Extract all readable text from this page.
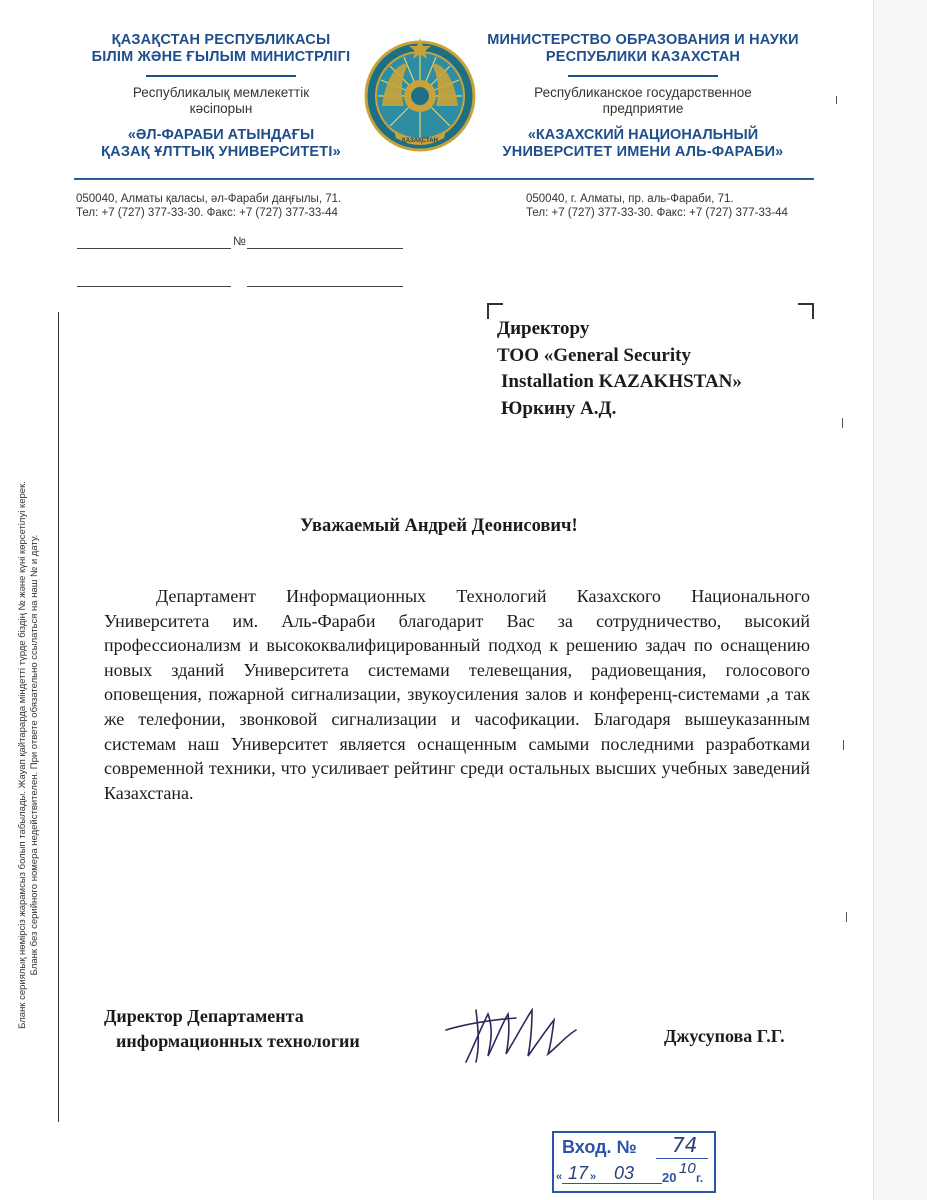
ҚАЗАҚСТАН РЕСПУБЛИКАСЫ
БІЛІМ ЖӘНЕ ҒЫЛЫМ МИНИСТРЛІГІ
Республикалық мемлекеттік
кәсіпорын
«ӘЛ-ФАРАБИ АТЫНДАҒЫ
ҚАЗАҚ ҰЛТТЫҚ УНИВЕРСИТЕТІ»
ҚАЗАҚСТАН
МИНИСТЕРСТВО ОБРАЗОВАНИЯ И НАУКИ
РЕСПУБЛИКИ КАЗАХСТАН
Республиканское государственное
предприятие
«КАЗАХСКИЙ НАЦИОНАЛЬНЫЙ
УНИВЕРСИТЕТ ИМЕНИ АЛЬ-ФАРАБИ»
050040, Алматы қаласы, әл-Фараби даңғылы, 71.
Тел: +7 (727) 377-33-30. Факс: +7 (727) 377-33-44
050040, г. Алматы, пр. аль-Фараби, 71.
Тел: +7 (727) 377-33-30. Факс: +7 (727) 377-33-44
№
Директору
ТОО «General Security
Installation KAZAKHSTAN»
Юркину А.Д.
Уважаемый Андрей Деонисович!
Департамент Информационных Технологий Казахского Национального Университета им. Аль-Фараби благодарит Вас за сотрудничество, высокий профессионализм и высококвалифицированный подход к решению задач по оснащению новых зданий Университета системами телевещания, радиовещания, голосового оповещения, пожарной сигнализации, звукоусиления залов и конференц-системами ,а так же телефонии, звонковой сигнализации и часофикации. Благодаря вышеуказанным системам наш Университет является оснащенным самыми последними разработками современной техники, что усиливает рейтинг среди остальных высших учебных заведений Казахстана.
Бланк сериялық нөмірсіз жарамсыз болып табылады. Жауап қайтарарда міндетті түрде біздің № және күні көрсетілуі керек. Бланк без серийного номера недействителен. При ответе обязательно ссылаться на наш № и дату.
Директор Департамента
информационных технологии	Джусупова Г.Г.
Вход. № 74
« 17 » 03 20
10
г.
